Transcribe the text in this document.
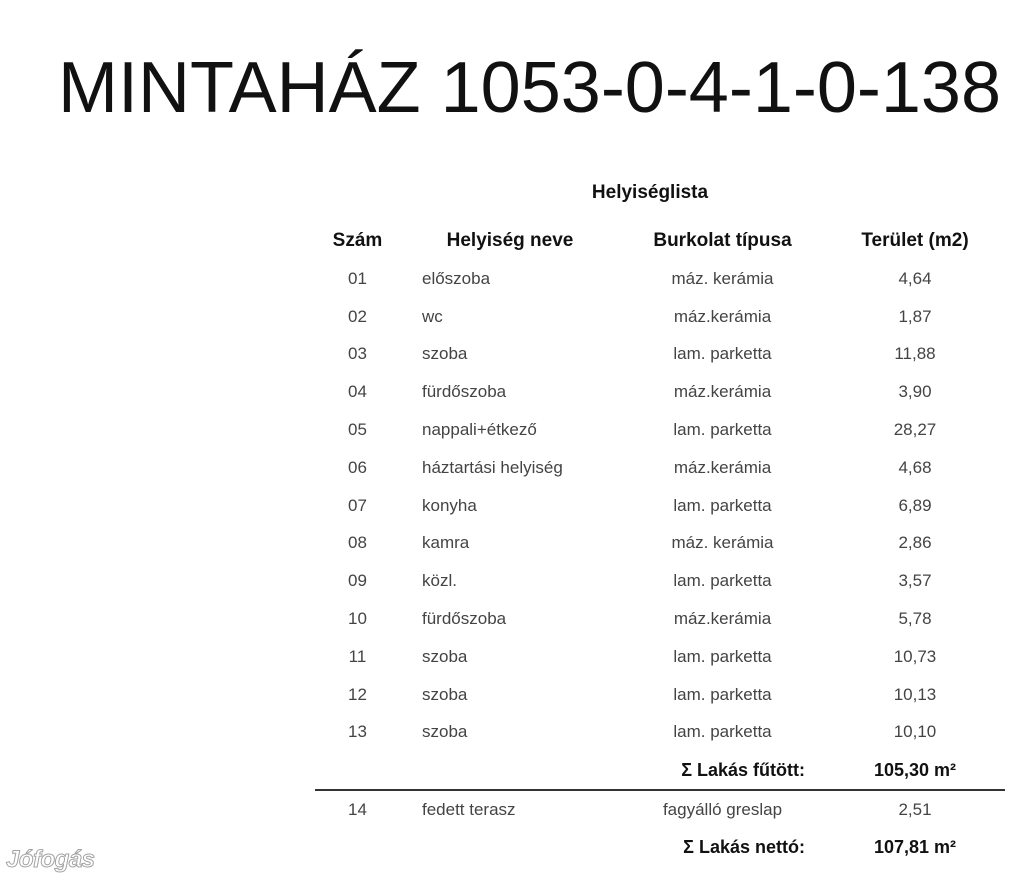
MINTAHÁZ 1053-0-4-1-0-138
Helyiséglista
Szám	Helyiség neve	Burkolat típusa	Terület (m2)
01	előszoba	máz. kerámia	4,64
02	wc	máz.kerámia	1,87
03	szoba	lam. parketta	11,88
04	fürdőszoba	máz.kerámia	3,90
05	nappali+étkező	lam. parketta	28,27
06	háztartási helyiség	máz.kerámia	4,68
07	konyha	lam. parketta	6,89
08	kamra	máz. kerámia	2,86
09	közl.	lam. parketta	3,57
10	fürdőszoba	máz.kerámia	5,78
11	szoba	lam. parketta	10,73
12	szoba	lam. parketta	10,13
13	szoba	lam. parketta	10,10
		Σ Lakás fűtött:	105,30 m²

14	fedett terasz	fagyálló greslap	2,51
		Σ Lakás nettó:	107,81 m²
Jófogás
